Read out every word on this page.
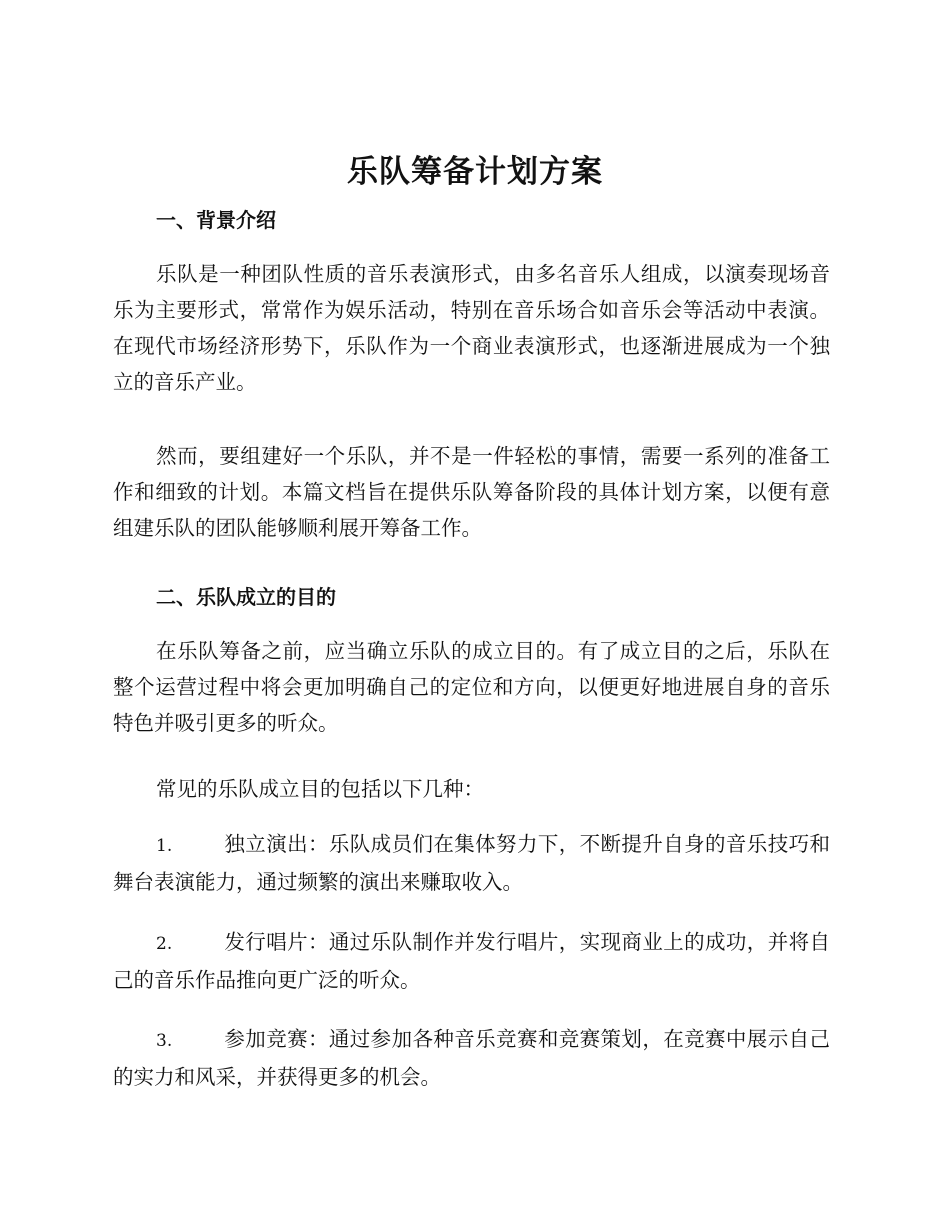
乐队筹备计划方案
一、背景介绍

乐队是一种团队性质的音乐表演形式，由多名音乐人组成，以演奏现场音乐为主要形式，常常作为娱乐活动，特别在音乐场合如音乐会等活动中表演。在现代市场经济形势下，乐队作为一个商业表演形式，也逐渐进展成为一个独立的音乐产业。

然而，要组建好一个乐队，并不是一件轻松的事情，需要一系列的准备工作和细致的计划。本篇文档旨在提供乐队筹备阶段的具体计划方案，以便有意组建乐队的团队能够顺利展开筹备工作。

二、乐队成立的目的

在乐队筹备之前，应当确立乐队的成立目的。有了成立目的之后，乐队在整个运营过程中将会更加明确自己的定位和方向，以便更好地进展自身的音乐特色并吸引更多的听众。

常见的乐队成立目的包括以下几种：

1.	独立演出：乐队成员们在集体努力下，不断提升自身的音乐技巧和舞台表演能力，通过频繁的演出来赚取收入。

2.	发行唱片：通过乐队制作并发行唱片，实现商业上的成功，并将自己的音乐作品推向更广泛的听众。

3.	参加竞赛：通过参加各种音乐竞赛和竞赛策划，在竞赛中展示自己的实力和风采，并获得更多的机会。
